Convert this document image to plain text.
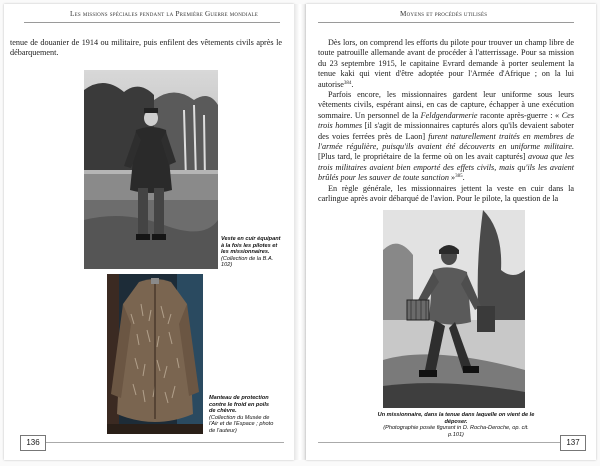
Les missions spéciales pendant la Première Guerre mondiale

tenue de douanier de 1914 ou militaire, puis enfilent des vêtements civils après le débarquement.

Veste en cuir équipant à la fois les pilotes et les missionnaires.
(Collection de la B.A. 102)
Manteau de protection contre le froid en poils de chèvre.
(Collection du Musée de l'Air et de l'Espace ; photo de l'auteur)
136
Moyens et procédés utilisés

Dès lors, on comprend les efforts du pilote pour trouver un champ libre de toute patrouille allemande avant de procéder à l'atterrissage. Pour sa mission du 23 septembre 1915, le capitaine Evrard demande à porter seulement la tenue kaki qui vient d'être adoptée pour l'Armée d'Afrique ; on la lui autorise$^{384}$.

Parfois encore, les missionnaires gardent leur uniforme sous leurs vêtements civils, espérant ainsi, en cas de capture, échapper à une exécution sommaire. Un personnel de la Feldgendarmerie raconte après-guerre : « Ces trois hommes [il s'agit de missionnaires capturés alors qu'ils devaient saboter des voies ferrées près de Laon] furent naturellement traités en membres de l'armée régulière, puisqu'ils avaient été découverts en uniforme militaire. [Plus tard, le propriétaire de la ferme où on les avait capturés] avoua que les trois militaires avaient bien emporté des effets civils, mais qu'ils les avaient brûlés pour les sauver de toute sanction »$^{385}$.

En règle générale, les missionnaires jettent la veste en cuir dans la carlingue après avoir débarqué de l'avion. Pour le pilote, la question de la

Un missionnaire, dans la tenue dans laquelle on vient de le déposer.
(Photographie posée figurant in D. Rocha-Deroche, op. cit. p.101)
137
